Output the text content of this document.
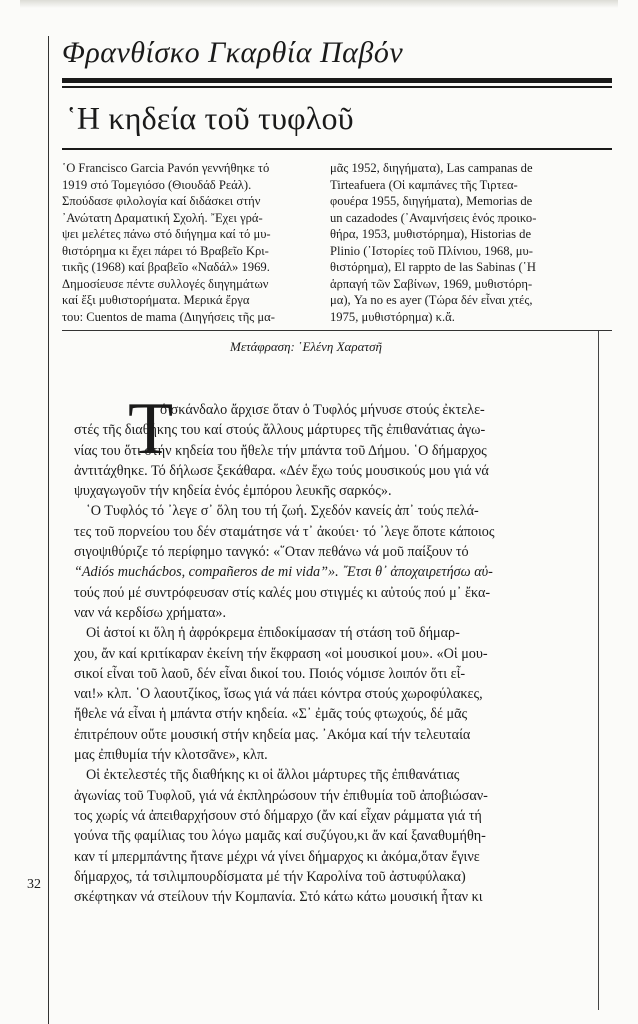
Φρανθίσκο Γκαρθία Παβόν
῾Η κηδεία τοῦ τυφλοῦ
῾Ο Francisco Garcia Pavón γεννήθηκε τό
1919 στό Τομεγιόσο (Θιουδάδ Ρεάλ).
Σπούδασε φιλολογία καί διδάσκει στήν
᾿Ανώτατη Δραματική Σχολή. ῎Εχει γρά-
ψει μελέτες πάνω στό διήγημα καί τό μυ-
θιστόρημα κι ἔχει πάρει τό Βραβεῖο Κρι-
τικῆς (1968) καί βραβεῖο «Ναδάλ» 1969.
Δημοσίευσε πέντε συλλογές διηγημάτων
καί ἔξι μυθιστορήματα. Μερικά ἔργα
του: Cuentos de mama (Διηγήσεις τῆς μα-
μᾶς 1952, διηγήματα), Las campanas de
Tirteafuera (Οἱ καμπάνες τῆς Τιρτεα-
φουέρα 1955, διηγήματα), Memorias de
un cazadodes (᾿Αναμνήσεις ἑνός προικο-
θήρα, 1953, μυθιστόρημα), Historias de
Plinio (᾿Ιστορίες τοῦ Πλίνιου, 1968, μυ-
θιστόρημα), El rappto de las Sabinas (῾Η
ἁρπαγή τῶν Σαβίνων, 1969, μυθιστόρη-
μα), Ya no es ayer (Τώρα δέν εἶναι χτές,
1975, μυθιστόρημα) κ.ἄ.
Μετάφραση: ῾Ελένη Χαρατσῆ
Τ
ό σκάνδαλο ἄρχισε ὅταν ὁ Τυφλός μήνυσε στούς ἐκτελε-
στές τῆς διαθήκης του καί στούς ἄλλους μάρτυρες τῆς ἐπιθανάτιας ἀγω-
νίας του ὅτι στήν κηδεία του ἤθελε τήν μπάντα τοῦ Δήμου. ῾Ο δήμαρχος
ἀντιτάχθηκε. Τό δήλωσε ξεκάθαρα. «Δέν ἔχω τούς μουσικούς μου γιά νά
ψυχαγωγοῦν τήν κηδεία ἑνός ἐμπόρου λευκῆς σαρκός».
῾Ο Τυφλός τό ᾽λεγε σ᾽ ὅλη του τή ζωή. Σχεδόν κανείς ἀπ᾽ τούς πελά-
τες τοῦ πορνείου του δέν σταμάτησε νά τ᾽ ἀκούει· τό ᾽λεγε ὅποτε κάποιος
σιγοψιθύριζε τό περίφημο τανγκό: «῞Οταν πεθάνω νά μοῦ παίξουν τό
“Adiós muchácbos, compañeros de mi vida”». ῎Ετσι θ᾽ ἀποχαιρετήσω αὐ-
τούς πού μέ συντρόφευσαν στίς καλές μου στιγμές κι αὐτούς πού μ᾽ ἔκα-
ναν νά κερδίσω χρήματα».
Οἱ ἀστοί κι ὅλη ἡ ἀφρόκρεμα ἐπιδοκίμασαν τή στάση τοῦ δήμαρ-
χου, ἄν καί κριτίκαραν ἐκείνη τήν ἔκφραση «οἱ μουσικοί μου». «Οἱ μου-
σικοί εἶναι τοῦ λαοῦ, δέν εἶναι δικοί του. Ποιός νόμισε λοιπόν ὅτι εἶ-
ναι!» κλπ. ῾Ο λαουτζίκος, ἴσως γιά νά πάει κόντρα στούς χωροφύλακες,
ἤθελε νά εἶναι ἡ μπάντα στήν κηδεία. «Σ᾽ ἐμᾶς τούς φτωχούς, δέ μᾶς
ἐπιτρέπουν οὔτε μουσική στήν κηδεία μας. ᾽Ακόμα καί τήν τελευταία
μας ἐπιθυμία τήν κλοτσᾶνε», κλπ.
Οἱ ἐκτελεστές τῆς διαθήκης κι οἱ ἄλλοι μάρτυρες τῆς ἐπιθανάτιας
ἀγωνίας τοῦ Τυφλοῦ, γιά νά ἐκπληρώσουν τήν ἐπιθυμία τοῦ ἀποβιώσαν-
τος χωρίς νά ἀπειθαρχήσουν στό δήμαρχο (ἄν καί εἶχαν ράμματα γιά τή
γούνα τῆς φαμίλιας του λόγω μαμᾶς καί συζύγου,κι ἄν καί ξαναθυμήθη-
καν τί μπερμπάντης ἤτανε μέχρι νά γίνει δήμαρχος κι ἀκόμα,ὅταν ἔγινε
δήμαρχος, τά τσιλιμπουρδίσματα μέ τήν Καρολίνα τοῦ ἀστυφύλακα)
σκέφτηκαν νά στείλουν τήν Κομπανία. Στό κάτω κάτω μουσική ἦταν κι
32
